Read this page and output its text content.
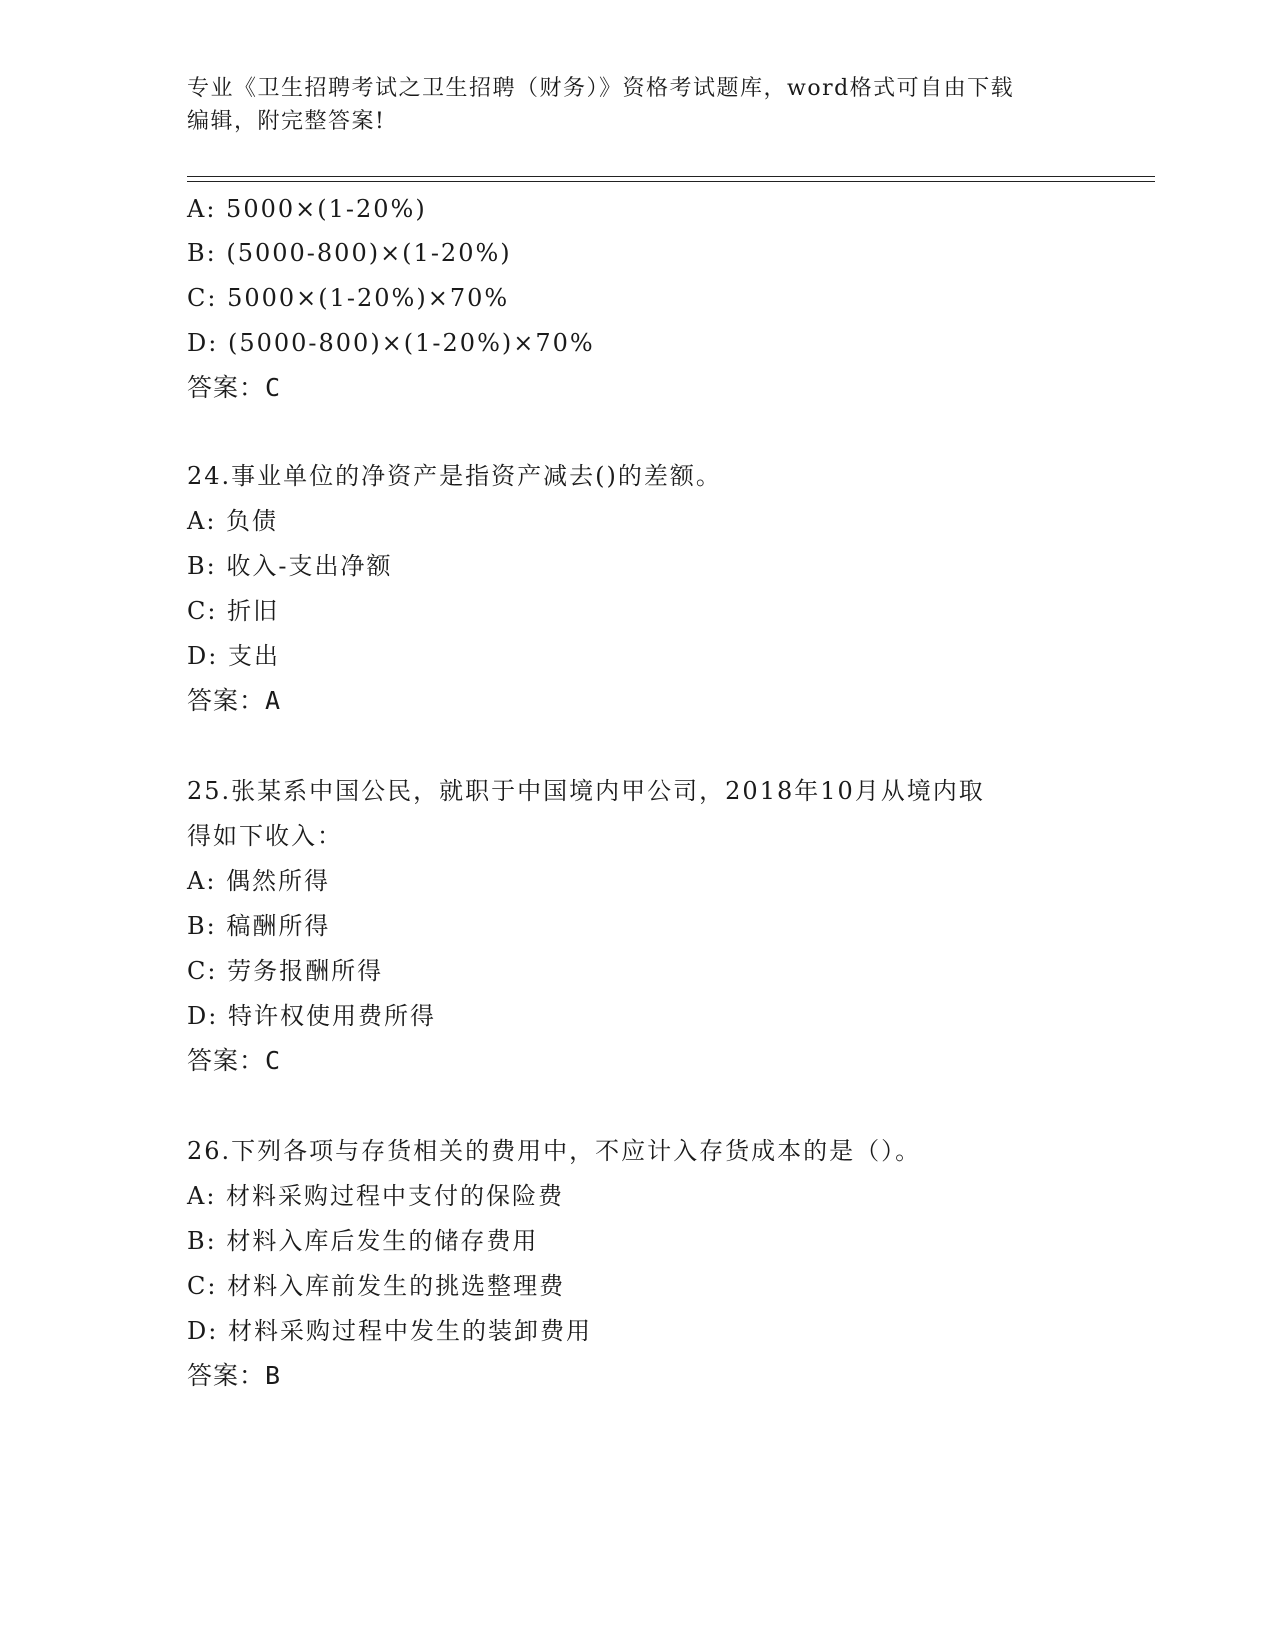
专业《卫生招聘考试之卫生招聘（财务）》资格考试题库，word格式可自由下载
编辑，附完整答案!
A: 5000×(1-20%)
B: (5000-800)×(1-20%)
C: 5000×(1-20%)×70%
D: (5000-800)×(1-20%)×70%
答案：C
24.事业单位的净资产是指资产减去()的差额。
A: 负债
B: 收入-支出净额
C: 折旧
D: 支出
答案：A
25.张某系中国公民，就职于中国境内甲公司，2018年10月从境内取
得如下收入：
A: 偶然所得
B: 稿酬所得
C: 劳务报酬所得
D: 特许权使用费所得
答案：C
26.下列各项与存货相关的费用中，不应计入存货成本的是（）。
A: 材料采购过程中支付的保险费
B: 材料入库后发生的储存费用
C: 材料入库前发生的挑选整理费
D: 材料采购过程中发生的装卸费用
答案：B
